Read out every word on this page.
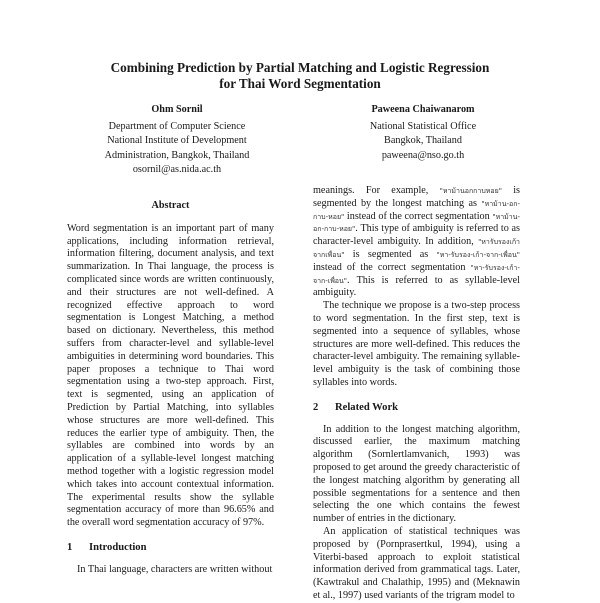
Combining Prediction by Partial Matching and Logistic Regression
for Thai Word Segmentation
Ohm Sornil
Department of Computer Science
National Institute of Development
Administration, Bangkok, Thailand
osornil@as.nida.ac.th
Paweena Chaiwanarom
National Statistical Office
Bangkok, Thailand
paweena@nso.go.th
Abstract

Word segmentation is an important part of many applications, including information retrieval, information filtering, document analysis, and text summarization. In Thai language, the process is complicated since words are written continuously, and their structures are not well-defined. A recognized effective approach to word segmentation is Longest Matching, a method based on dictionary. Nevertheless, this method suffers from character-level and syllable-level ambiguities in determining word boundaries. This paper proposes a technique to Thai word segmentation using a two-step approach. First, text is segmented, using an application of Prediction by Partial Matching, into syllables whose structures are more well-defined. This reduces the earlier type of ambiguity. Then, the syllables are combined into words by an application of a syllable-level longest matching method together with a logistic regression model which takes into account contextual information. The experimental results show the syllable segmentation accuracy of more than 96.65% and the overall word segmentation accuracy of 97%.

1 Introduction

In Thai language, characters are written without

meanings. For example, "หาม้านอกกาบหอย" is segmented by the longest matching as "หาม้าน-อก-กาบ-หอย" instead of the correct segmentation "หาม้าน-อก-กาบ-หอย". This type of ambiguity is referred to as character-level ambiguity. In addition, "หารับรองเก้าจากเพื่อน" is segmented as "หา-รับรอง-เก้า-จาก-เพื่อน" instead of the correct segmentation "หา-รับรอง-เก้า-จาก-เพื่อน". This is referred to as syllable-level ambiguity.

The technique we propose is a two-step process to word segmentation. In the first step, text is segmented into a sequence of syllables, whose structures are more well-defined. This reduces the character-level ambiguity. The remaining syllable-level ambiguity is the task of combining those syllables into words.

2 Related Work

In addition to the longest matching algorithm, discussed earlier, the maximum matching algorithm (Sornlertlamvanich, 1993) was proposed to get around the greedy characteristic of the longest matching algorithm by generating all possible segmentations for a sentence and then selecting the one which contains the fewest number of entries in the dictionary.

An application of statistical techniques was proposed by (Pornprasertkul, 1994), using a Viterbi-based approach to exploit statistical information derived from grammatical tags. Later, (Kawtrakul and Chalathip, 1995) and (Meknawin et al., 1997) used variants of the trigram model to
